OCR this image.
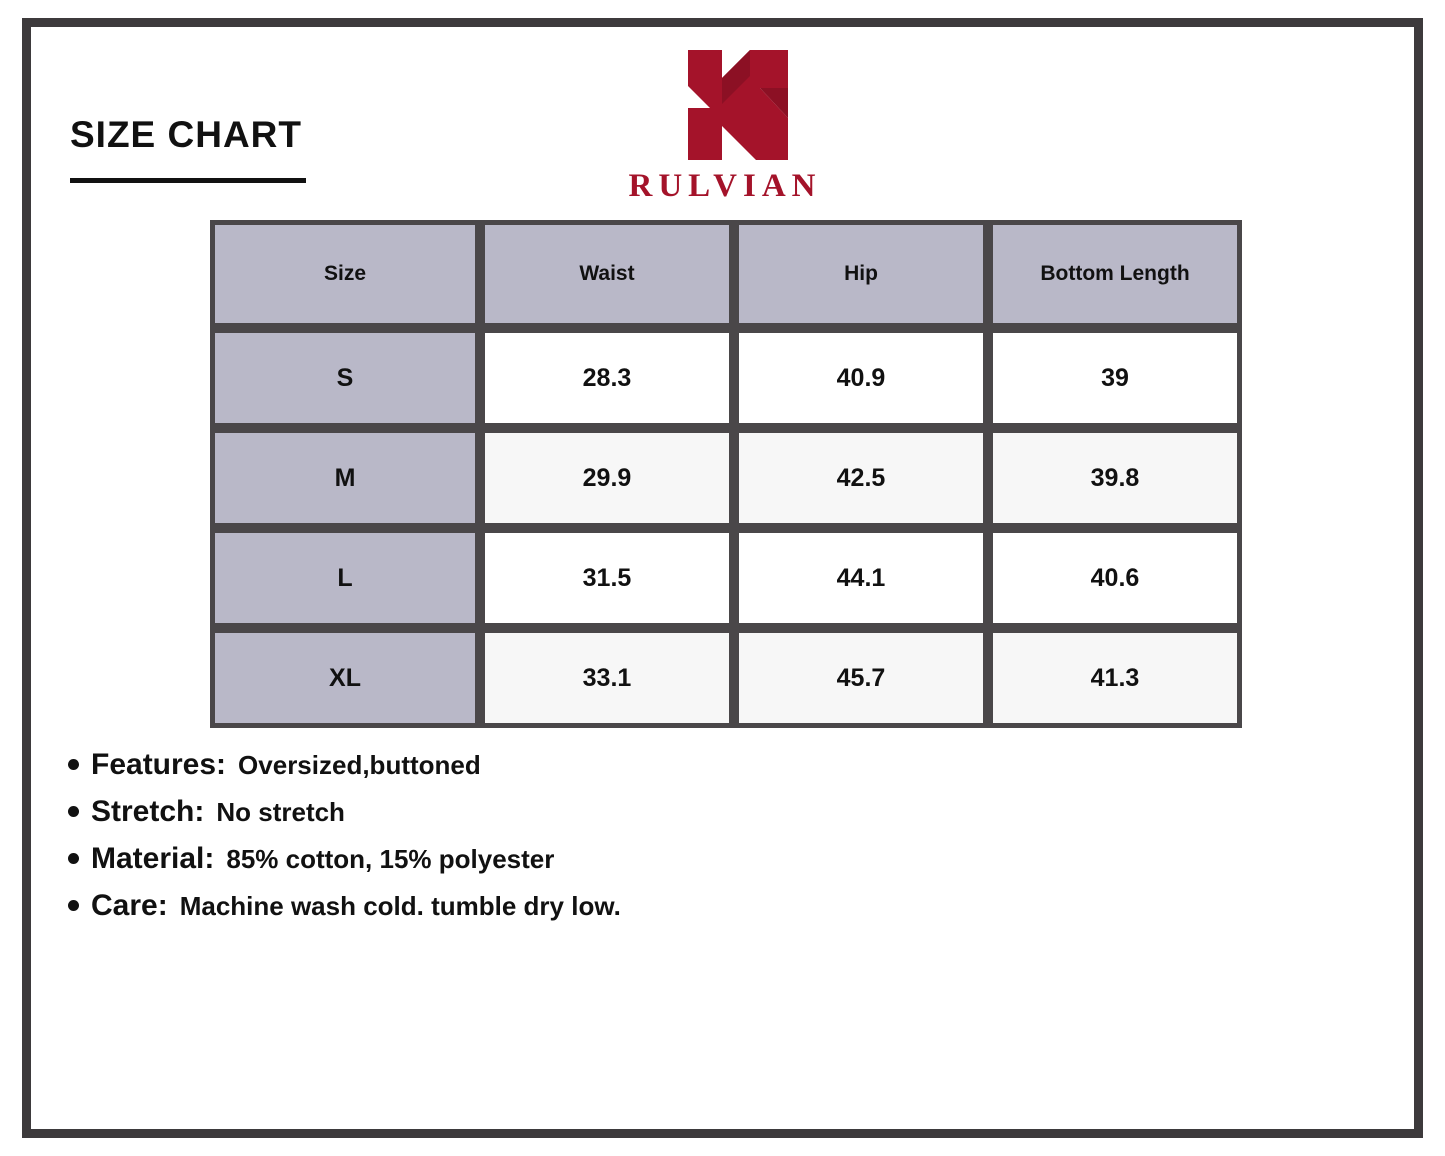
SIZE CHART
RULVIAN
Size	Waist	Hip	Bottom Length
S	28.3	40.9	39
M	29.9	42.5	39.8
L	31.5	44.1	40.6
XL	33.1	45.7	41.3
Features: Oversized,buttoned
Stretch: No stretch
Material: 85% cotton, 15% polyester
Care: Machine wash cold. tumble dry low.
